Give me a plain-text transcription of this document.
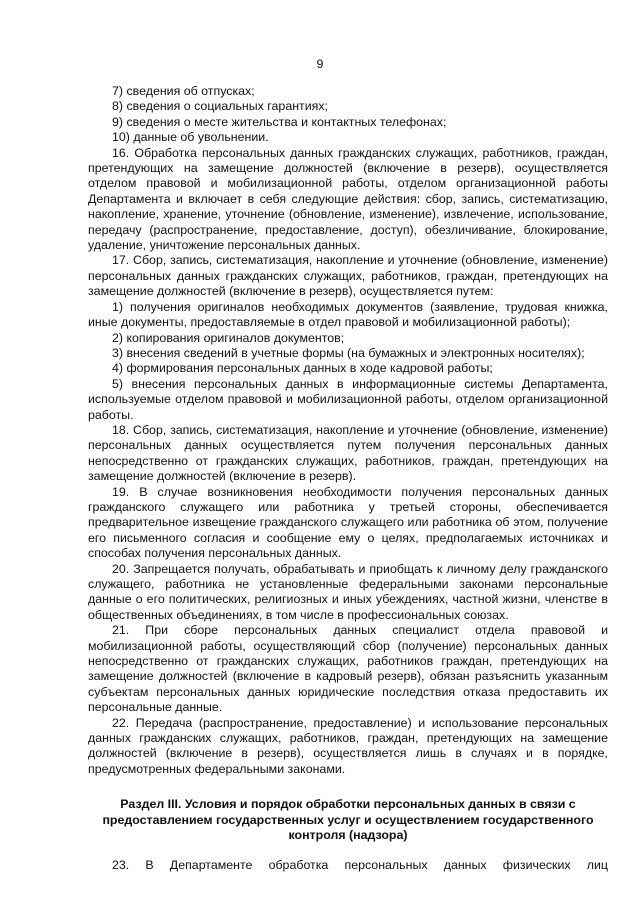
9
7) сведения об отпусках;
8) сведения о социальных гарантиях;
9) сведения о месте жительства и контактных телефонах;
10) данные об увольнении.
16. Обработка персональных данных гражданских служащих, работников, граждан, претендующих на замещение должностей (включение в резерв), осуществляется отделом правовой и мобилизационной работы, отделом организационной работы Департамента и включает в себя следующие действия: сбор, запись, систематизацию, накопление, хранение, уточнение (обновление, изменение), извлечение, использование, передачу (распространение, предоставление, доступ), обезличивание, блокирование, удаление, уничтожение персональных данных.
17. Сбор, запись, систематизация, накопление и уточнение (обновление, изменение) персональных данных гражданских служащих, работников, граждан, претендующих на замещение должностей (включение в резерв), осуществляется путем:
1) получения оригиналов необходимых документов (заявление, трудовая книжка, иные документы, предоставляемые в отдел правовой и мобилизационной работы);
2) копирования оригиналов документов;
3) внесения сведений в учетные формы (на бумажных и электронных носителях);
4) формирования персональных данных в ходе кадровой работы;
5) внесения персональных данных в информационные системы Департамента, используемые отделом правовой и мобилизационной работы, отделом организационной работы.
18. Сбор, запись, систематизация, накопление и уточнение (обновление, изменение) персональных данных осуществляется путем получения персональных данных непосредственно от гражданских служащих, работников, граждан, претендующих на замещение должностей (включение в резерв).
19. В случае возникновения необходимости получения персональных данных гражданского служащего или работника у третьей стороны, обеспечивается предварительное извещение гражданского служащего или работника об этом, получение его письменного согласия и сообщение ему о целях, предполагаемых источниках и способах получения персональных данных.
20. Запрещается получать, обрабатывать и приобщать к личному делу гражданского служащего, работника не установленные федеральными законами персональные данные о его политических, религиозных и иных убеждениях, частной жизни, членстве в общественных объединениях, в том числе в профессиональных союзах.
21. При сборе персональных данных специалист отдела правовой и мобилизационной работы, осуществляющий сбор (получение) персональных данных непосредственно от гражданских служащих, работников граждан, претендующих на замещение должностей (включение в кадровый резерв), обязан разъяснить указанным субъектам персональных данных юридические последствия отказа предоставить их персональные данные.
22. Передача (распространение, предоставление) и использование персональных данных гражданских служащих, работников, граждан, претендующих на замещение должностей (включение в резерв), осуществляется лишь в случаях и в порядке, предусмотренных федеральными законами.
Раздел III. Условия и порядок обработки персональных данных в связи с предоставлением государственных услуг и осуществлением государственного контроля (надзора)
23. В Департаменте обработка персональных данных физических лиц
